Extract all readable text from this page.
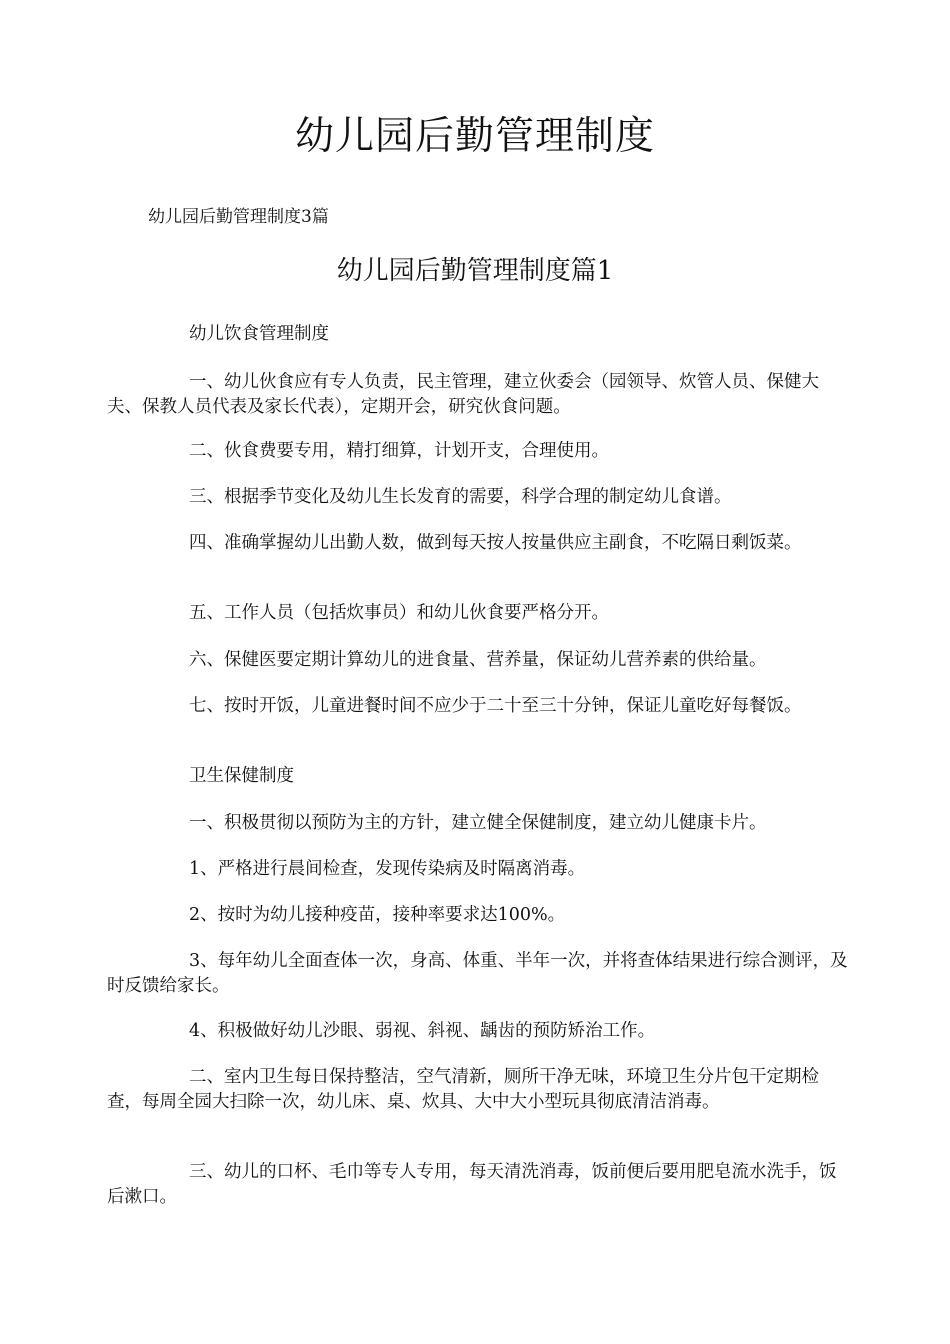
幼儿园后勤管理制度

幼儿园后勤管理制度3篇

幼儿园后勤管理制度篇1

幼儿饮食管理制度

一、幼儿伙食应有专人负责，民主管理，建立伙委会（园领导、炊管人员、保健大夫、保教人员代表及家长代表），定期开会，研究伙食问题。

二、伙食费要专用，精打细算，计划开支，合理使用。

三、根据季节变化及幼儿生长发育的需要，科学合理的制定幼儿食谱。

四、准确掌握幼儿出勤人数，做到每天按人按量供应主副食，不吃隔日剩饭菜。

五、工作人员（包括炊事员）和幼儿伙食要严格分开。

六、保健医要定期计算幼儿的进食量、营养量，保证幼儿营养素的供给量。

七、按时开饭，儿童进餐时间不应少于二十至三十分钟，保证儿童吃好每餐饭。

卫生保健制度

一、积极贯彻以预防为主的方针，建立健全保健制度，建立幼儿健康卡片。

1、严格进行晨间检查，发现传染病及时隔离消毒。

2、按时为幼儿接种疫苗，接种率要求达100%。

3、每年幼儿全面查体一次，身高、体重、半年一次，并将查体结果进行综合测评，及时反馈给家长。

4、积极做好幼儿沙眼、弱视、斜视、龋齿的预防矫治工作。

二、室内卫生每日保持整洁，空气清新，厕所干净无味，环境卫生分片包干定期检查，每周全园大扫除一次，幼儿床、桌、炊具、大中大小型玩具彻底清洁消毒。

三、幼儿的口杯、毛巾等专人专用，每天清洗消毒，饭前便后要用肥皂流水洗手，饭后漱口。
